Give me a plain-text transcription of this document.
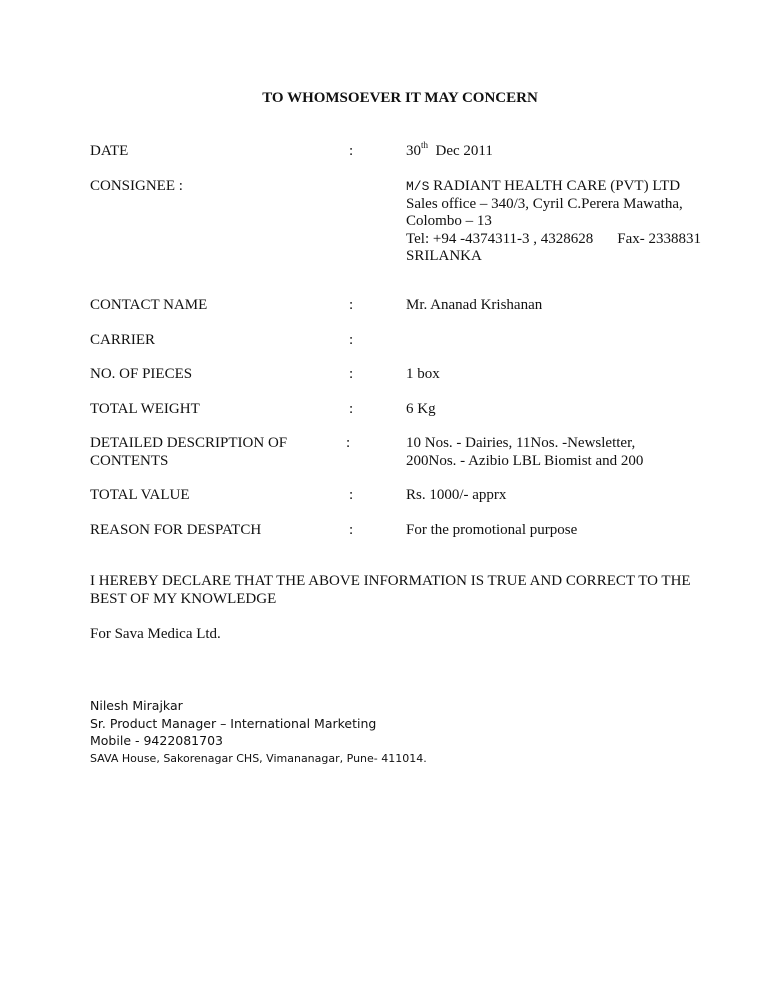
TO WHOMSOEVER IT MAY CONCERN
DATE	:	30th Dec 2011
CONSIGNEE :	M/S RADIANT HEALTH CARE (PVT) LTD
Sales office – 340/3, Cyril C.Perera Mawatha,
Colombo – 13
Tel: +94 -4374311-3 , 4328628 Fax- 2338831
SRILANKA
CONTACT NAME	:	Mr. Ananad Krishanan
CARRIER	:
NO. OF PIECES	:	1 box
TOTAL WEIGHT	:	6 Kg
DETAILED DESCRIPTION OF
CONTENTS
:	10 Nos. - Dairies, 11Nos. -Newsletter,
200Nos. - Azibio LBL Biomist and 200
TOTAL VALUE	:	Rs. 1000/- apprx
REASON FOR DESPATCH	:	For the promotional purpose
I HEREBY DECLARE THAT THE ABOVE INFORMATION IS TRUE AND CORRECT TO THE BEST OF MY KNOWLEDGE
For Sava Medica Ltd.
Nilesh Mirajkar
Sr. Product Manager – International Marketing
Mobile - 9422081703
SAVA House, Sakorenagar CHS, Vimananagar, Pune- 411014.
